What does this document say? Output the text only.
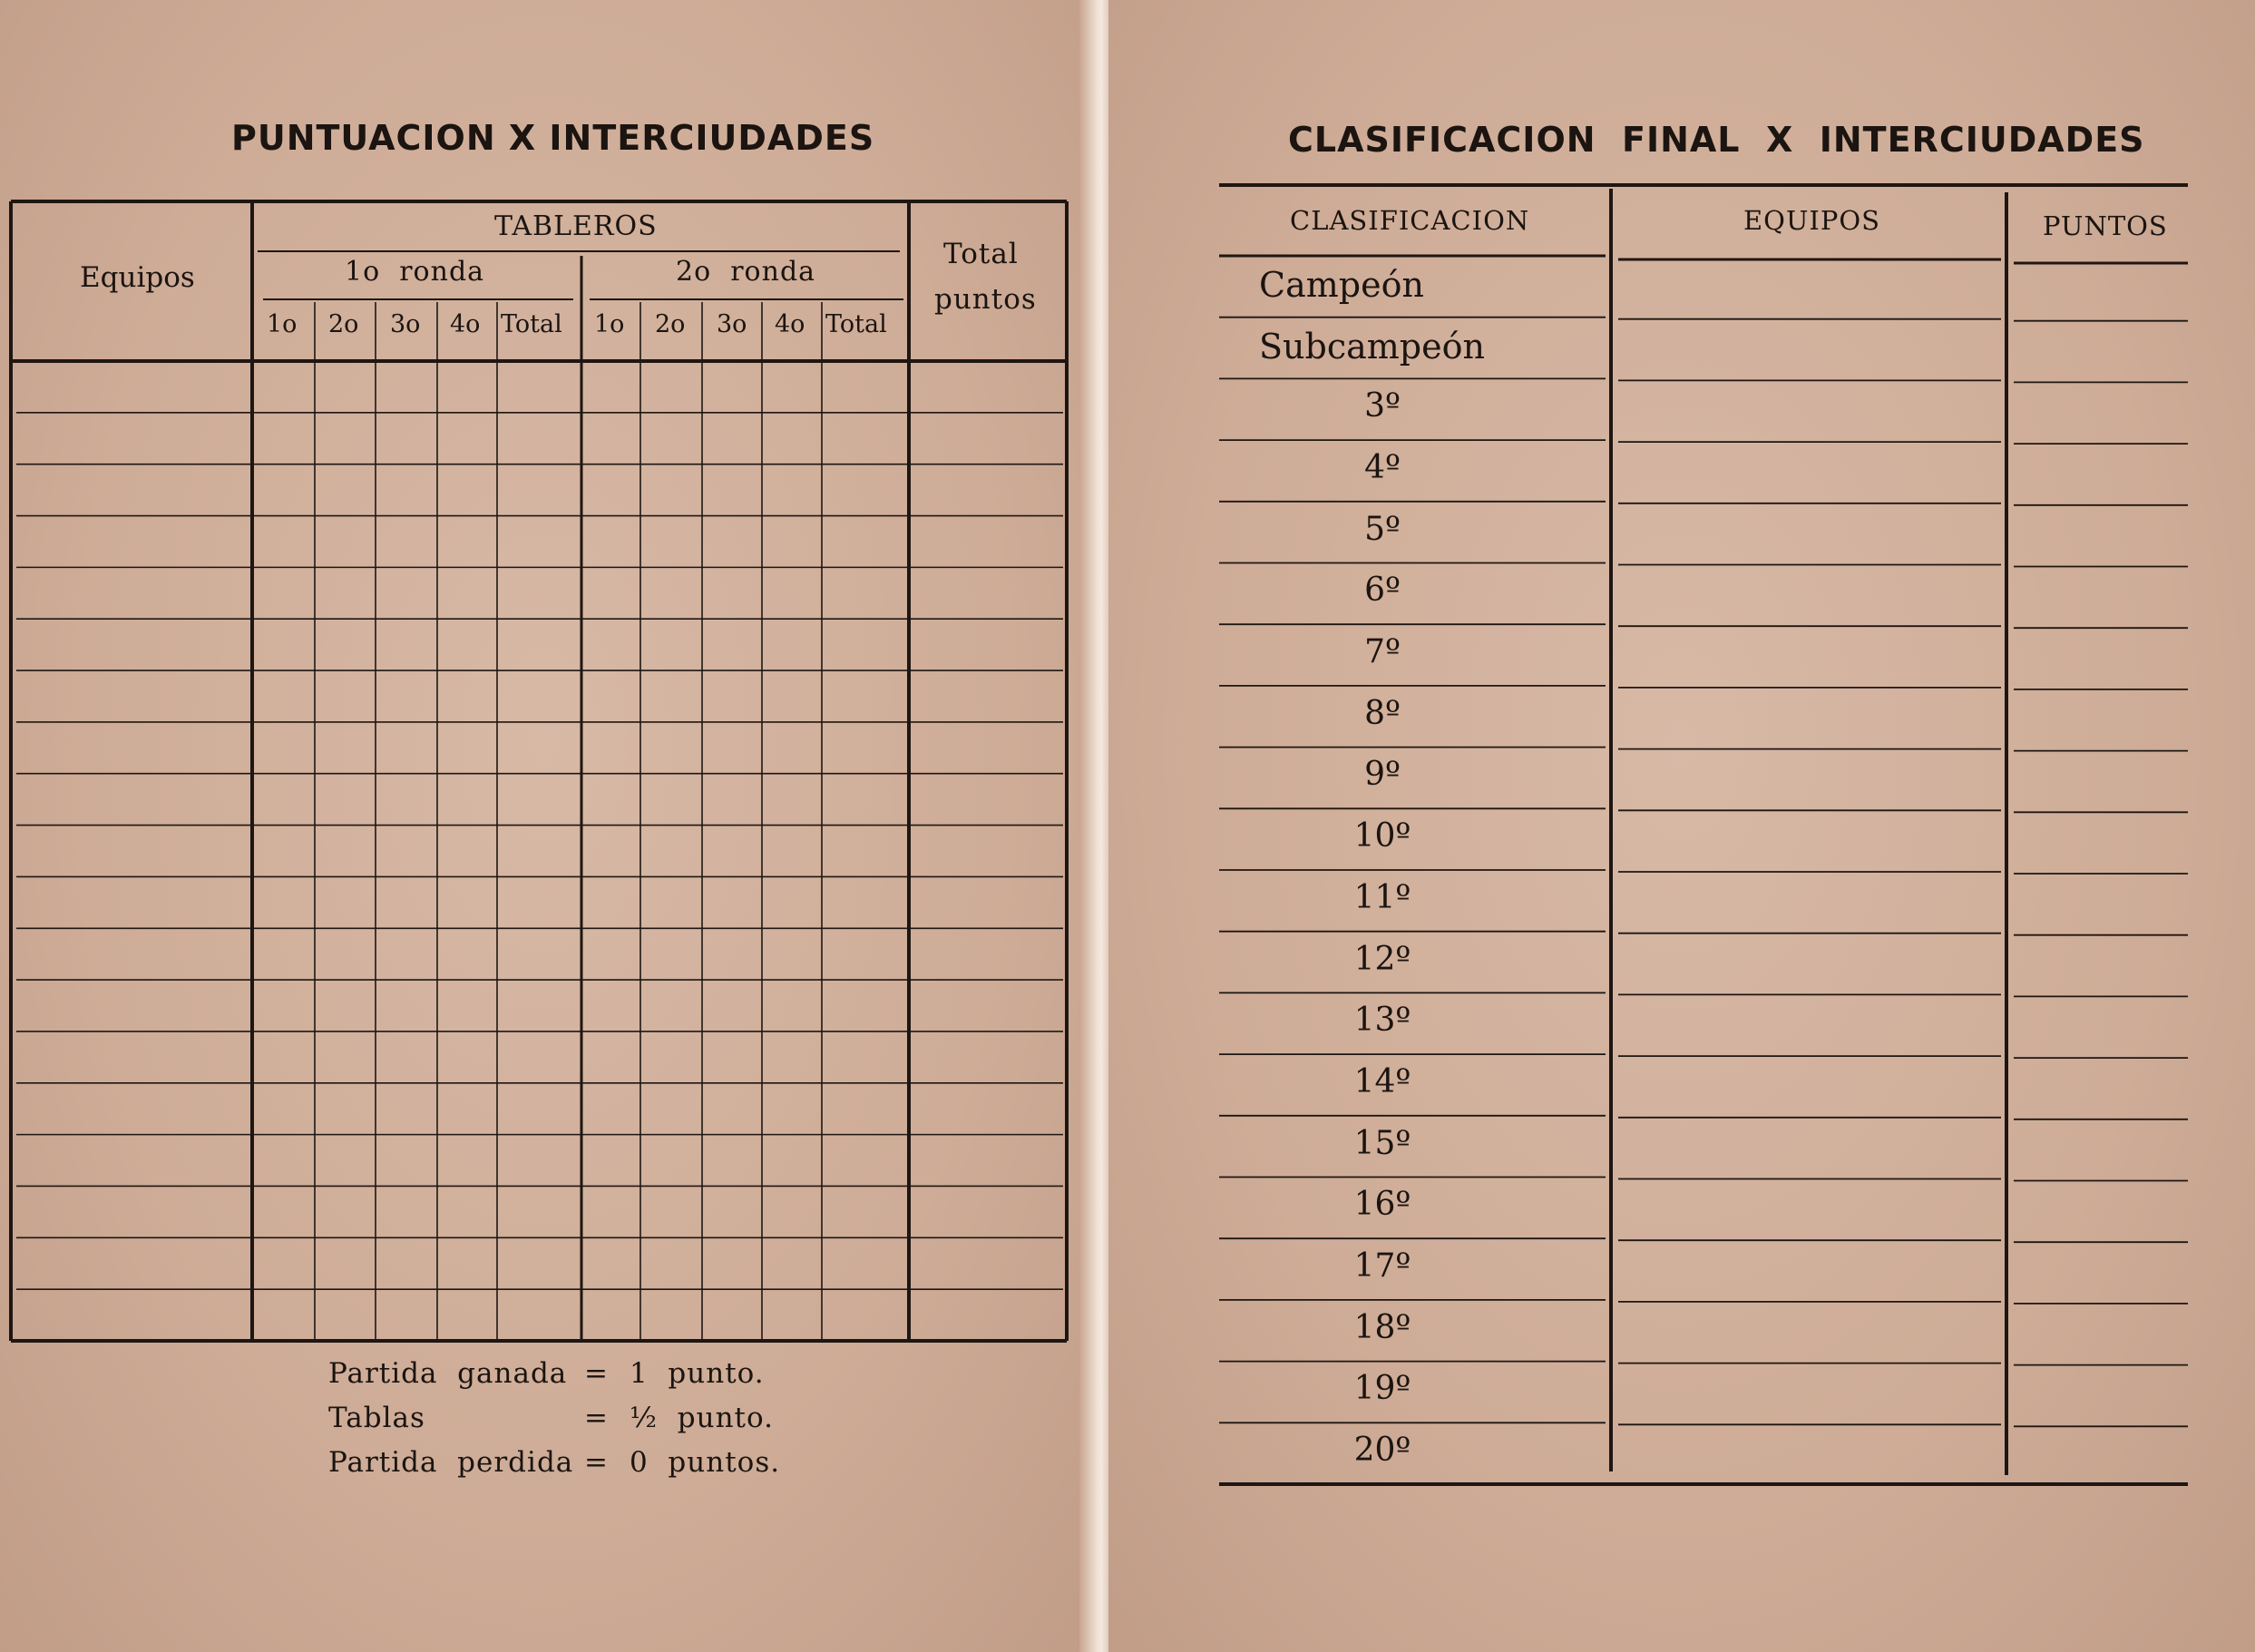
PUNTUACION X INTERCIUDADES
Equipos
TABLEROS
1o  ronda	2o  ronda
Total
puntos
1o 2o 3o 4o Total 1o 2o 3o 4o Total
Partida  ganada = 1  punto.
Tablas	= ½  punto.
Partida  perdida = 0  puntos.
CLASIFICACION  FINAL  X  INTERCIUDADES
CLASIFICACION	EQUIPOS	PUNTOS
Campeón
Subcampeón
3º
4º
5º
6º
7º
8º
9º
10º
11º
12º
13º
14º
15º
16º
17º
18º
19º
20º
